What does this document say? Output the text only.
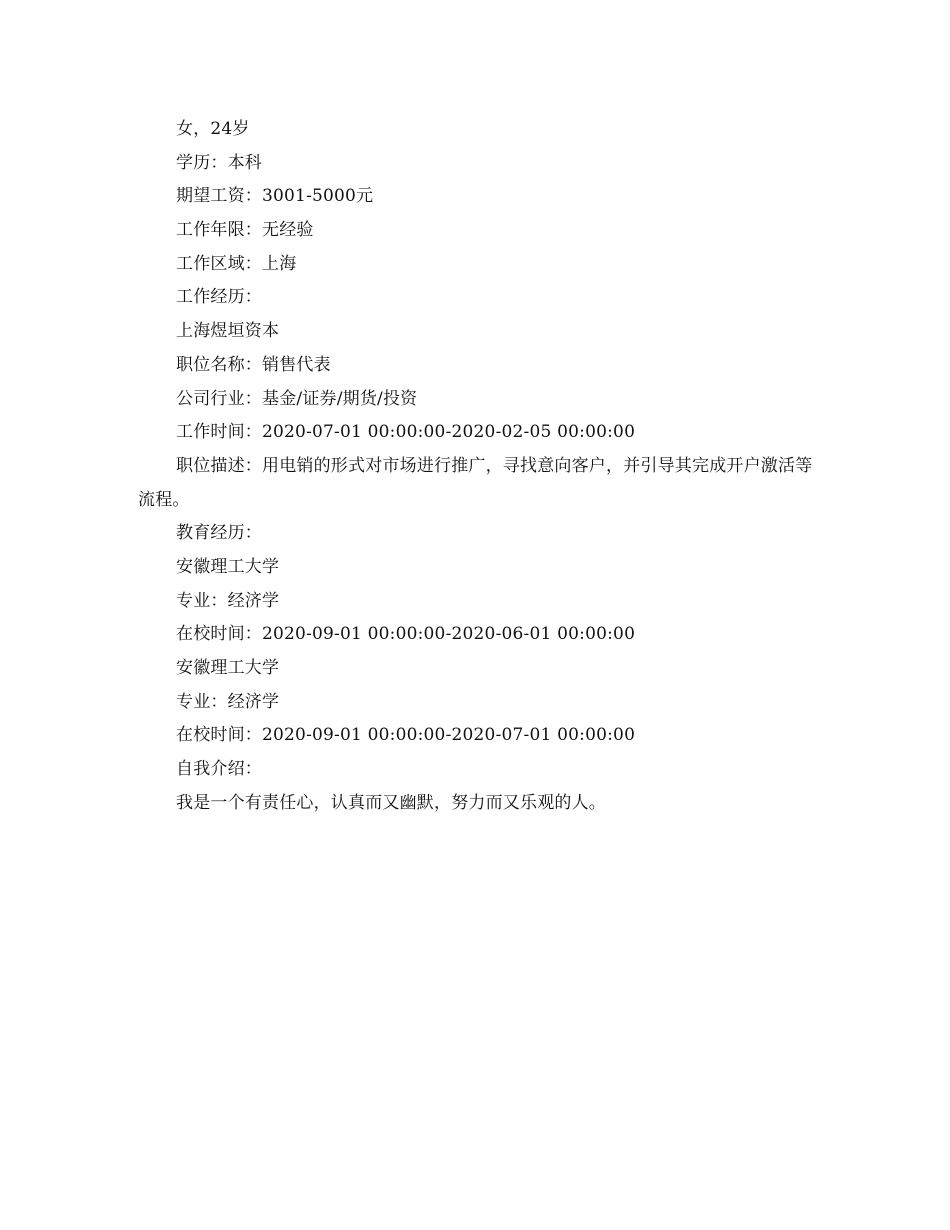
女，24岁
学历：本科
期望工资：3001-5000元
工作年限：无经验
工作区域：上海
工作经历：
上海煜垣资本
职位名称：销售代表
公司行业：基金/证券/期货/投资
工作时间：2020-07-01 00:00:00-2020-02-05 00:00:00
职位描述：用电销的形式对市场进行推广，寻找意向客户，并引导其完成开户激活等流程。
教育经历：
安徽理工大学
专业：经济学
在校时间：2020-09-01 00:00:00-2020-06-01 00:00:00
安徽理工大学
专业：经济学
在校时间：2020-09-01 00:00:00-2020-07-01 00:00:00
自我介绍：
我是一个有责任心，认真而又幽默，努力而又乐观的人。
